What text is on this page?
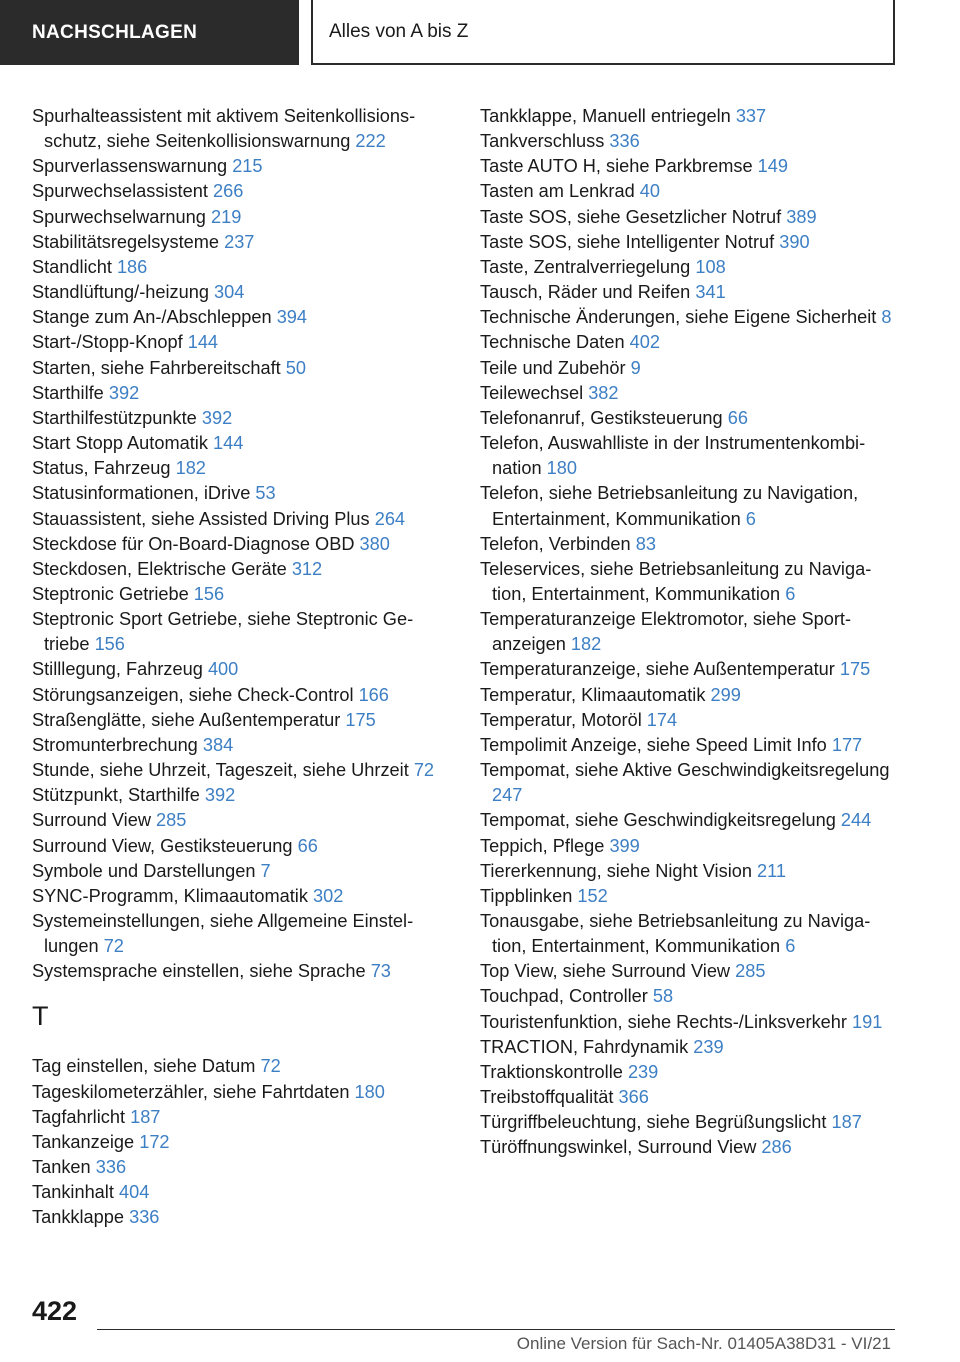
NACHSCHLAGEN	Alles von A bis Z
Spurhalteassistent mit aktivem Seitenkollisionsschutz, siehe Seitenkollisionswarnung 222
Spurverlassenswarnung 215
Spurwechselassistent 266
Spurwechselwarnung 219
Stabilitätsregelsysteme 237
Standlicht 186
Standlüftung/-heizung 304
Stange zum An-/Abschleppen 394
Start-/Stopp-Knopf 144
Starten, siehe Fahrbereitschaft 50
Starthilfe 392
Starthilfestützpunkte 392
Start Stopp Automatik 144
Status, Fahrzeug 182
Statusinformationen, iDrive 53
Stauassistent, siehe Assisted Driving Plus 264
Steckdose für On-Board-Diagnose OBD 380
Steckdosen, Elektrische Geräte 312
Steptronic Getriebe 156
Steptronic Sport Getriebe, siehe Steptronic Getriebe 156
Stilllegung, Fahrzeug 400
Störungsanzeigen, siehe Check-Control 166
Straßenglätte, siehe Außentemperatur 175
Stromunterbrechung 384
Stunde, siehe Uhrzeit, Tageszeit, siehe Uhrzeit 72
Stützpunkt, Starthilfe 392
Surround View 285
Surround View, Gestiksteuerung 66
Symbole und Darstellungen 7
SYNC-Programm, Klimaautomatik 302
Systemeinstellungen, siehe Allgemeine Einstellungen 72
Systemsprache einstellen, siehe Sprache 73
T
Tag einstellen, siehe Datum 72
Tageskilometerzähler, siehe Fahrtdaten 180
Tagfahrlicht 187
Tankanzeige 172
Tanken 336
Tankinhalt 404
Tankklappe 336
Tankklappe, Manuell entriegeln 337
Tankverschluss 336
Taste AUTO H, siehe Parkbremse 149
Tasten am Lenkrad 40
Taste SOS, siehe Gesetzlicher Notruf 389
Taste SOS, siehe Intelligenter Notruf 390
Taste, Zentralverriegelung 108
Tausch, Räder und Reifen 341
Technische Änderungen, siehe Eigene Sicherheit 8
Technische Daten 402
Teile und Zubehör 9
Teilewechsel 382
Telefonanruf, Gestiksteuerung 66
Telefon, Auswahlliste in der Instrumentenkombination 180
Telefon, siehe Betriebsanleitung zu Navigation, Entertainment, Kommunikation 6
Telefon, Verbinden 83
Teleservices, siehe Betriebsanleitung zu Navigation, Entertainment, Kommunikation 6
Temperaturanzeige Elektromotor, siehe Sportanzeigen 182
Temperaturanzeige, siehe Außentemperatur 175
Temperatur, Klimaautomatik 299
Temperatur, Motoröl 174
Tempolimit Anzeige, siehe Speed Limit Info 177
Tempomat, siehe Aktive Geschwindigkeitsregelung 247
Tempomat, siehe Geschwindigkeitsregelung 244
Teppich, Pflege 399
Tiererkennung, siehe Night Vision 211
Tippblinken 152
Tonausgabe, siehe Betriebsanleitung zu Navigation, Entertainment, Kommunikation 6
Top View, siehe Surround View 285
Touchpad, Controller 58
Touristenfunktion, siehe Rechts-/Linksverkehr 191
TRACTION, Fahrdynamik 239
Traktionskontrolle 239
Treibstoffqualität 366
Türgriffbeleuchtung, siehe Begrüßungslicht 187
Türöffnungswinkel, Surround View 286
422
Online Version für Sach-Nr. 01405A38D31 - VI/21
